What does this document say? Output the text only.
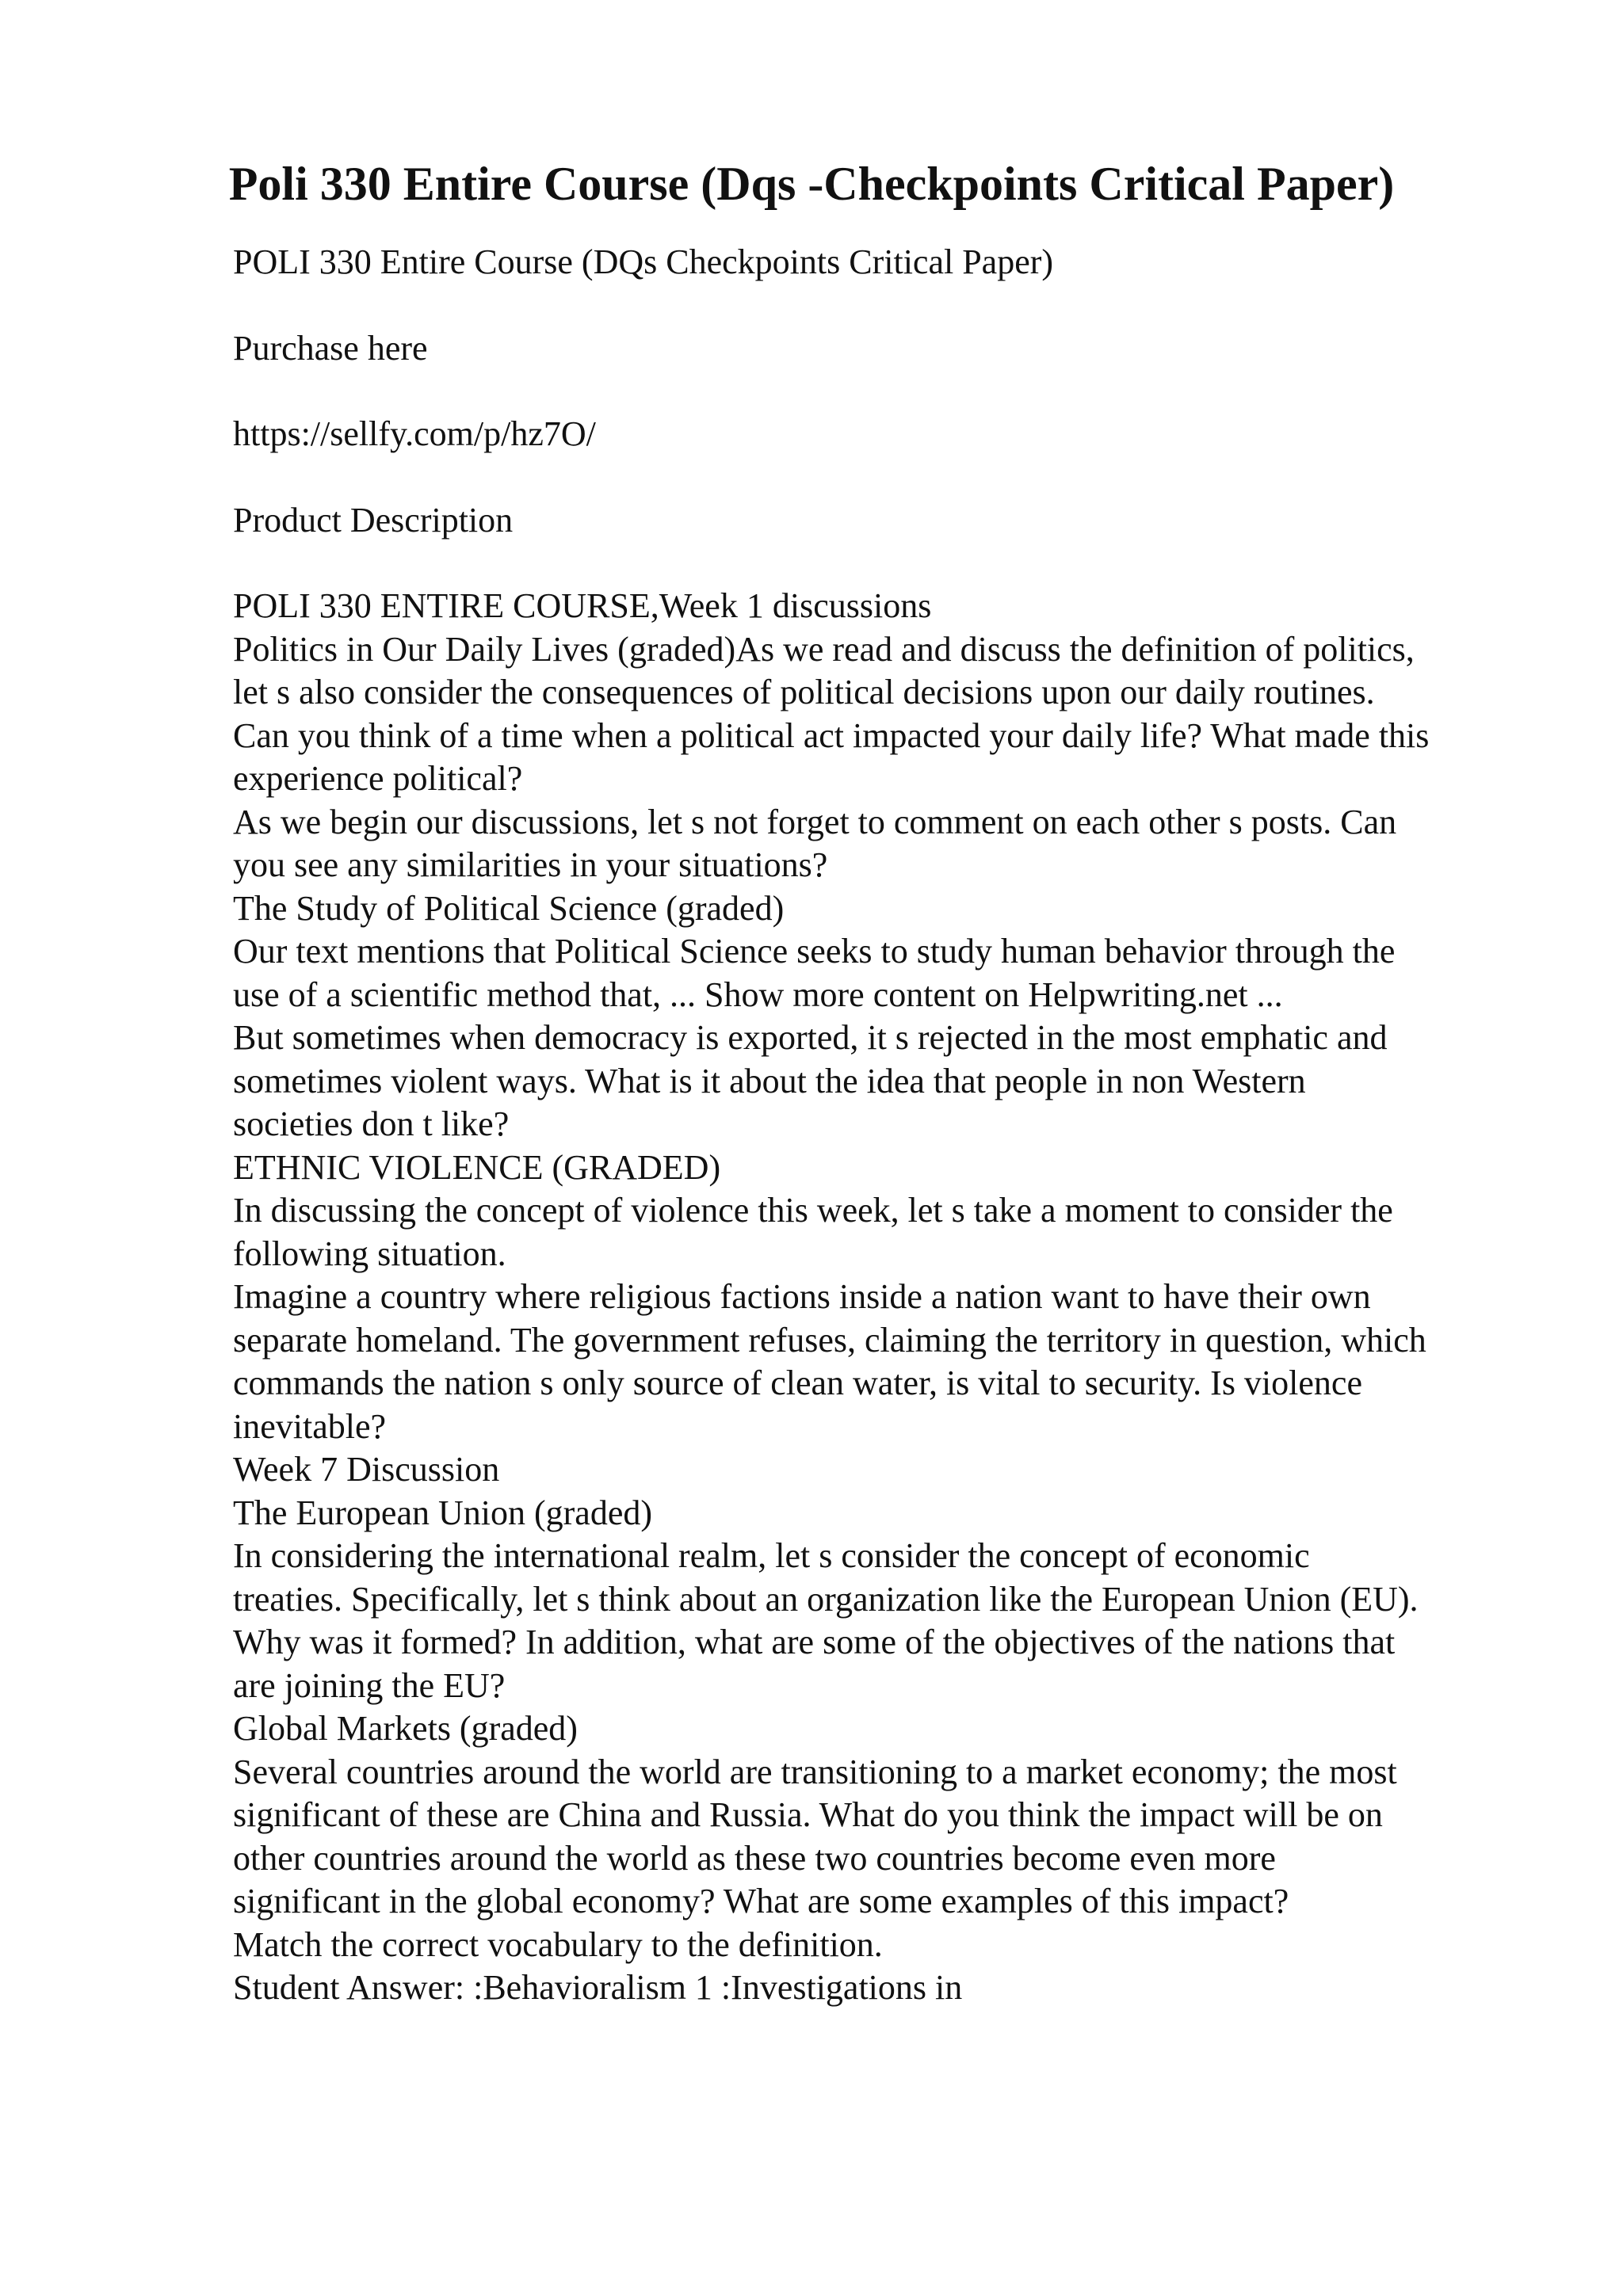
Poli 330 Entire Course (Dqs -Checkpoints Critical Paper)

POLI 330 Entire Course (DQs Checkpoints Critical Paper)

Purchase here

https://sellfy.com/p/hz7O/

Product Description

POLI 330 ENTIRE COURSE,Week 1 discussions
Politics in Our Daily Lives (graded)As we read and discuss the definition of politics,
let s also consider the consequences of political decisions upon our daily routines.
Can you think of a time when a political act impacted your daily life? What made this
experience political?
As we begin our discussions, let s not forget to comment on each other s posts. Can
you see any similarities in your situations?
The Study of Political Science (graded)
Our text mentions that Political Science seeks to study human behavior through the
use of a scientific method that, ... Show more content on Helpwriting.net ...
But sometimes when democracy is exported, it s rejected in the most emphatic and
sometimes violent ways. What is it about the idea that people in non Western
societies don t like?
ETHNIC VIOLENCE (GRADED)
In discussing the concept of violence this week, let s take a moment to consider the
following situation.
Imagine a country where religious factions inside a nation want to have their own
separate homeland. The government refuses, claiming the territory in question, which
commands the nation s only source of clean water, is vital to security. Is violence
inevitable?
Week 7 Discussion
The European Union (graded)
In considering the international realm, let s consider the concept of economic
treaties. Specifically, let s think about an organization like the European Union (EU).
Why was it formed? In addition, what are some of the objectives of the nations that
are joining the EU?
Global Markets (graded)
Several countries around the world are transitioning to a market economy; the most
significant of these are China and Russia. What do you think the impact will be on
other countries around the world as these two countries become even more
significant in the global economy? What are some examples of this impact?
Match the correct vocabulary to the definition.
Student Answer: :Behavioralism 1 :Investigations in
